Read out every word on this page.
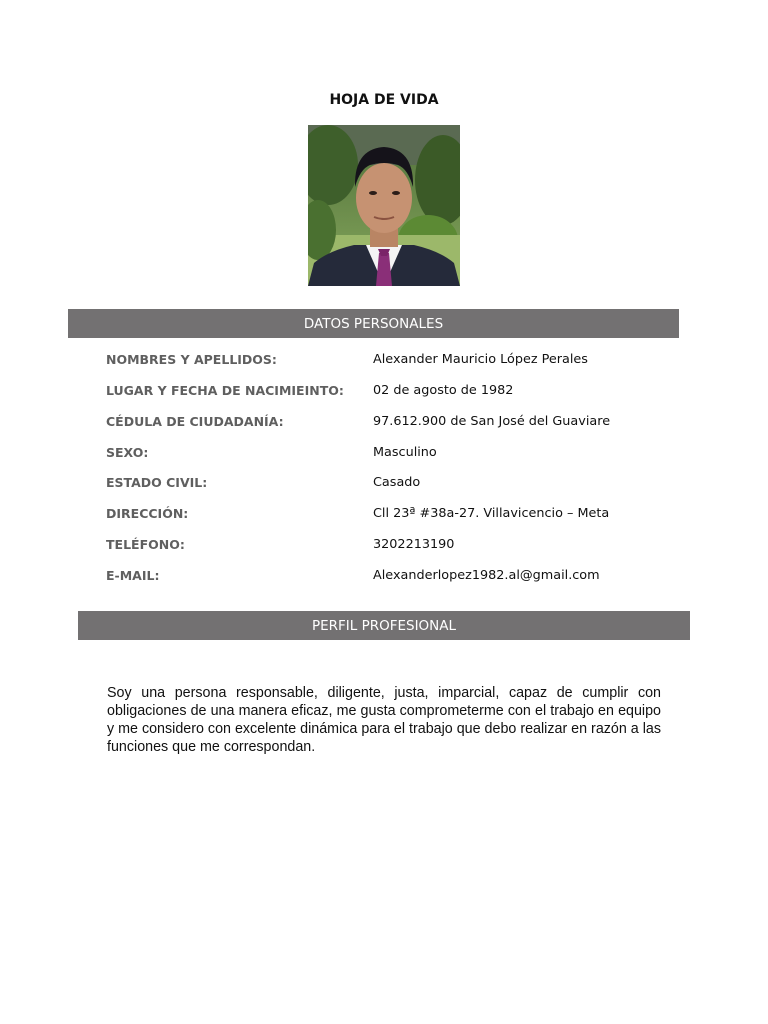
HOJA DE VIDA
DATOS PERSONALES
NOMBRES Y APELLIDOS:	Alexander Mauricio López Perales
LUGAR Y FECHA DE NACIMIEINTO: 02 de agosto de 1982
CÉDULA DE CIUDADANÍA:	97.612.900 de San José del Guaviare
SEXO:	Masculino
ESTADO CIVIL:	Casado
DIRECCIÓN:	Cll 23ª #38a-27. Villavicencio – Meta
TELÉFONO:	3202213190
E-MAIL:	Alexanderlopez1982.al@gmail.com
PERFIL PROFESIONAL
Soy una persona responsable, diligente, justa, imparcial, capaz de cumplir con obligaciones de una manera eficaz, me gusta comprometerme con el trabajo en equipo y me considero con excelente dinámica para el trabajo que debo realizar en razón a las funciones que me correspondan.
